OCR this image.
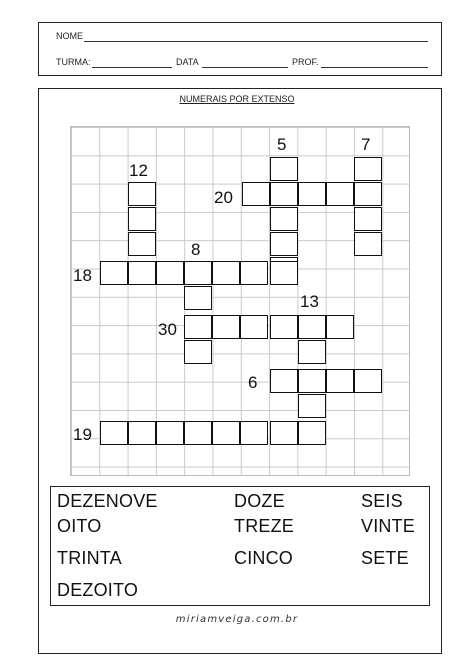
NOME
TURMA:	DATA	PROF.
NUMERAIS POR EXTENSO
5	7
12
20
8
18
13
30
6
19
DEZENOVE	DOZE	SEIS
OITO	TREZE	VINTE
TRINTA	CINCO	SETE
DEZOITO
miriamveiga.com.br
